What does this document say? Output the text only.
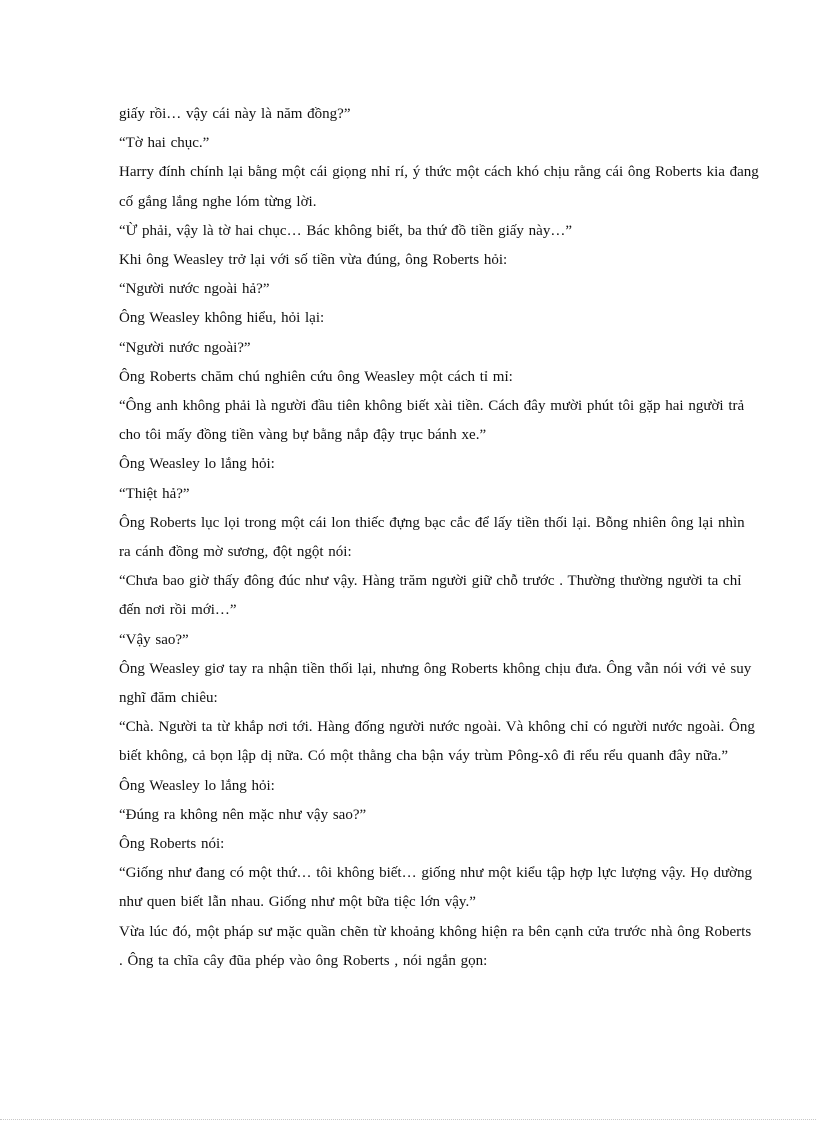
giấy rồi… vậy cái này là năm đồng?”

“Tờ hai chục.”

Harry đính chính lại bằng một cái giọng nhỉ rí, ý thức một cách khó chịu rằng cái ông Roberts kia đang cố gắng lắng nghe lóm từng lời.

“Ừ phải, vậy là tờ hai chục… Bác không biết, ba thứ đồ tiền giấy này…”

Khi ông Weasley trở lại với số tiền vừa đúng, ông Roberts hỏi:

“Người nước ngoài hả?”

Ông Weasley không hiểu, hỏi lại:

“Người nước ngoài?”

Ông Roberts chăm chú nghiên cứu ông Weasley một cách tỉ mỉ:

“Ông anh không phải là người đầu tiên không biết xài tiền. Cách đây mười phút tôi gặp hai người trả cho tôi mấy đồng tiền vàng bự bằng nắp đậy trục bánh xe.”

Ông Weasley lo lắng hỏi:

“Thiệt hả?”

Ông Roberts lục lọi trong một cái lon thiếc đựng bạc cắc để lấy tiền thối lại. Bỗng nhiên ông lại nhìn ra cánh đồng mờ sương, đột ngột nói:

“Chưa bao giờ thấy đông đúc như vậy. Hàng trăm người giữ chỗ trước . Thường thường người ta chỉ đến nơi rồi mới…”

“Vậy sao?”

Ông Weasley giơ tay ra nhận tiền thối lại, nhưng ông Roberts không chịu đưa. Ông vẫn nói với vẻ suy nghĩ đăm chiêu:

“Chà. Người ta từ khắp nơi tới. Hàng đống người nước ngoài. Và không chỉ có người nước ngoài. Ông biết không, cả bọn lập dị nữa. Có một thằng cha bận váy trùm Pông-xô đi rểu rểu quanh đây nữa.”

Ông Weasley lo lắng hỏi:

“Đúng ra không nên mặc như vậy sao?”

Ông Roberts nói:

“Giống như đang có một thứ… tôi không biết… giống như một kiểu tập hợp lực lượng vậy. Họ dường như quen biết lẫn nhau. Giống như một bữa tiệc lớn vậy.”

Vừa lúc đó, một pháp sư mặc quần chẽn từ khoảng không hiện ra bên cạnh cửa trước nhà ông Roberts . Ông ta chĩa cây đũa phép vào ông Roberts , nói ngắn gọn:
